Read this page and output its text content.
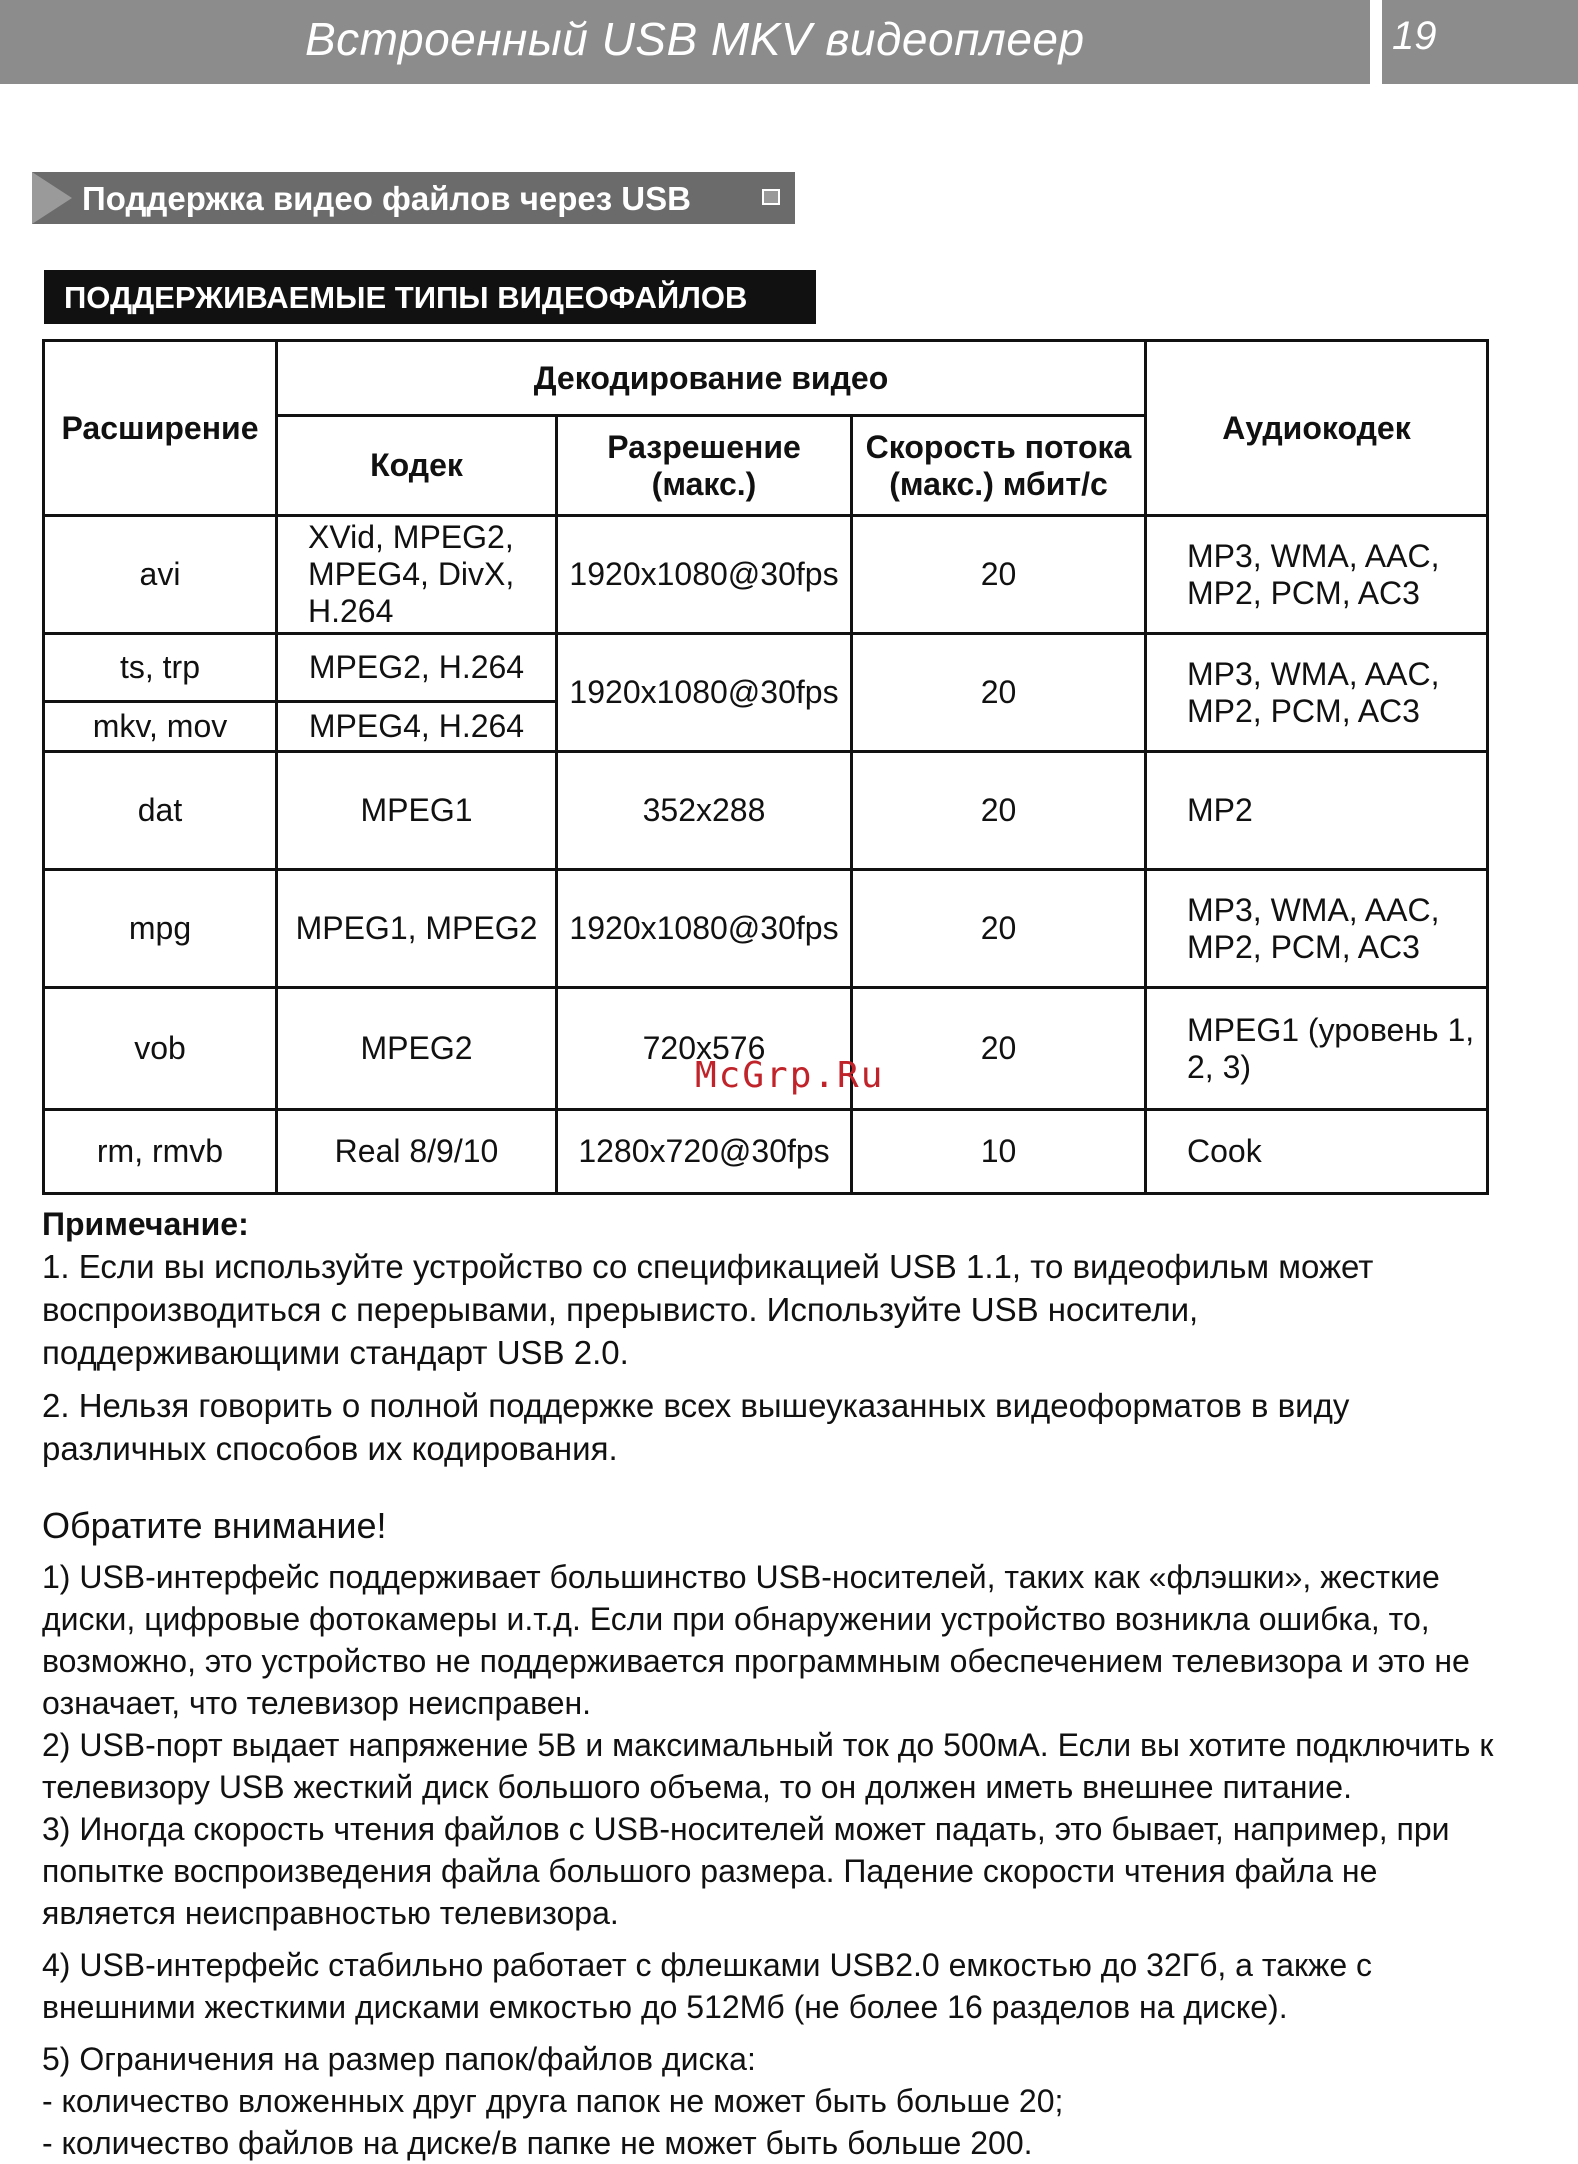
Встроенный USB MKV видеоплеер	19
Поддержка видео файлов через USB
ПОДДЕРЖИВАЕМЫЕ ТИПЫ ВИДЕОФАЙЛОВ
Расширение	Декодирование видео			Аудиокодек
	Кодек	Разрешение (макс.)	Скорость потока (макс.) мбит/с	
avi	XVid, MPEG2, MPEG4, DivX, H.264	1920x1080@30fps	20	MP3, WMA, AAC, MP2, PCM, AC3
ts, trp	MPEG2, H.264	1920x1080@30fps	20	MP3, WMA, AAC, MP2, PCM, AC3
mkv, mov	MPEG4, H.264			
dat	MPEG1	352x288	20	MP2
mpg	MPEG1, MPEG2	1920x1080@30fps	20	MP3, WMA, AAC, MP2, PCM, AC3
vob	MPEG2	720x576	20	MPEG1 (уровень 1, 2, 3)
rm, rmvb	Real 8/9/10	1280x720@30fps	10	Cook
McGrp.Ru

Примечание:

1. Если вы используйте устройство со спецификацией USB 1.1, то видеофильм может воспроизводиться с перерывами, прерывисто. Используйте USB носители, поддерживающими стандарт USB 2.0.

2. Нельзя говорить о полной поддержке всех вышеуказанных видеоформатов в виду различных способов их кодирования.

Обратите внимание!

1) USB-интерфейс поддерживает большинство USB-носителей, таких как «флэшки», жесткие диски, цифровые фотокамеры и.т.д. Если при обнаружении устройство возникла ошибка, то, возможно, это устройство не поддерживается программным обеспечением телевизора и это не означает, что телевизор неисправен.

2) USB-порт выдает напряжение 5В и максимальный ток до 500мА. Если вы хотите подключить к телевизору USB жесткий диск большого объема, то он должен иметь внешнее питание.

3) Иногда скорость чтения файлов с USB-носителей может падать, это бывает, например, при попытке воспроизведения файла большого размера. Падение скорости чтения файла не является неисправностью телевизора.

4) USB-интерфейс стабильно работает с флешками USB2.0 емкостью до 32Гб, а также с внешними жесткими дисками емкостью до 512Мб (не более 16 разделов на диске).

5) Ограничения на размер папок/файлов диска:

- количество вложенных друг друга папок не может быть больше 20;

- количество файлов на диске/в папке не может быть больше 200.
